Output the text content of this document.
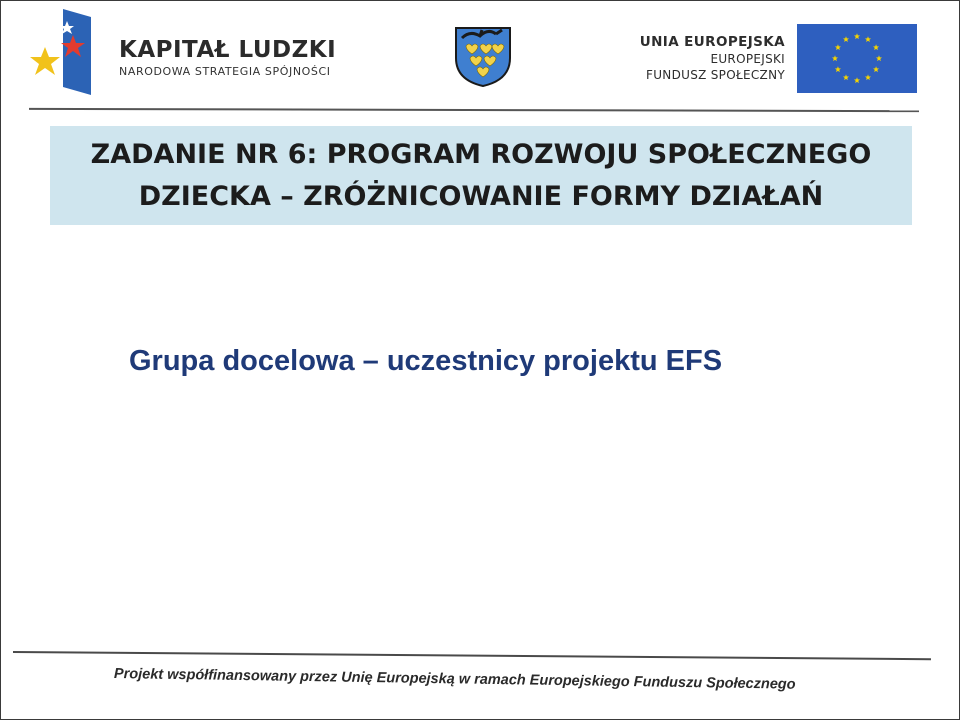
KAPITAŁ LUDZKI
NARODOWA STRATEGIA SPÓJNOŚCI
UNIA EUROPEJSKA
EUROPEJSKI
FUNDUSZ SPOŁECZNY
ZADANIE NR 6: PROGRAM ROZWOJU SPOŁECZNEGO
DZIECKA – ZRÓŻNICOWANIE FORMY DZIAŁAŃ
Grupa docelowa – uczestnicy projektu EFS
Projekt współfinansowany przez Unię Europejską w ramach Europejskiego Funduszu Społecznego
